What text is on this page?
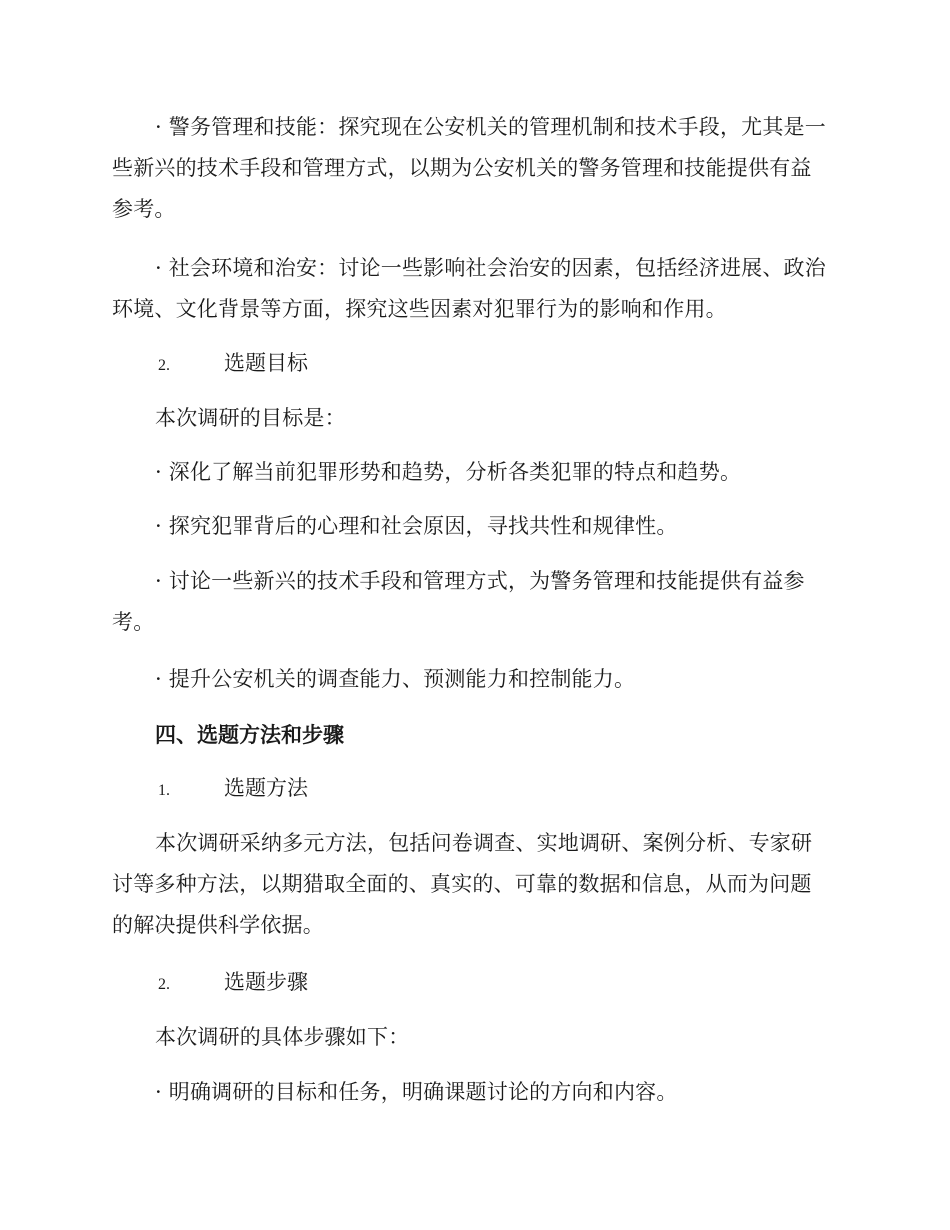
· 警务管理和技能：探究现在公安机关的管理机制和技术手段，尤其是一些新兴的技术手段和管理方式，以期为公安机关的警务管理和技能提供有益参考。

· 社会环境和治安：讨论一些影响社会治安的因素，包括经济进展、政治环境、文化背景等方面，探究这些因素对犯罪行为的影响和作用。

2.	选题目标

本次调研的目标是：

· 深化了解当前犯罪形势和趋势，分析各类犯罪的特点和趋势。

· 探究犯罪背后的心理和社会原因，寻找共性和规律性。

· 讨论一些新兴的技术手段和管理方式，为警务管理和技能提供有益参考。

· 提升公安机关的调查能力、预测能力和控制能力。

四、选题方法和步骤
1.	选题方法

本次调研采纳多元方法，包括问卷调查、实地调研、案例分析、专家研讨等多种方法，以期猎取全面的、真实的、可靠的数据和信息，从而为问题的解决提供科学依据。

2.	选题步骤

本次调研的具体步骤如下：

· 明确调研的目标和任务，明确课题讨论的方向和内容。
